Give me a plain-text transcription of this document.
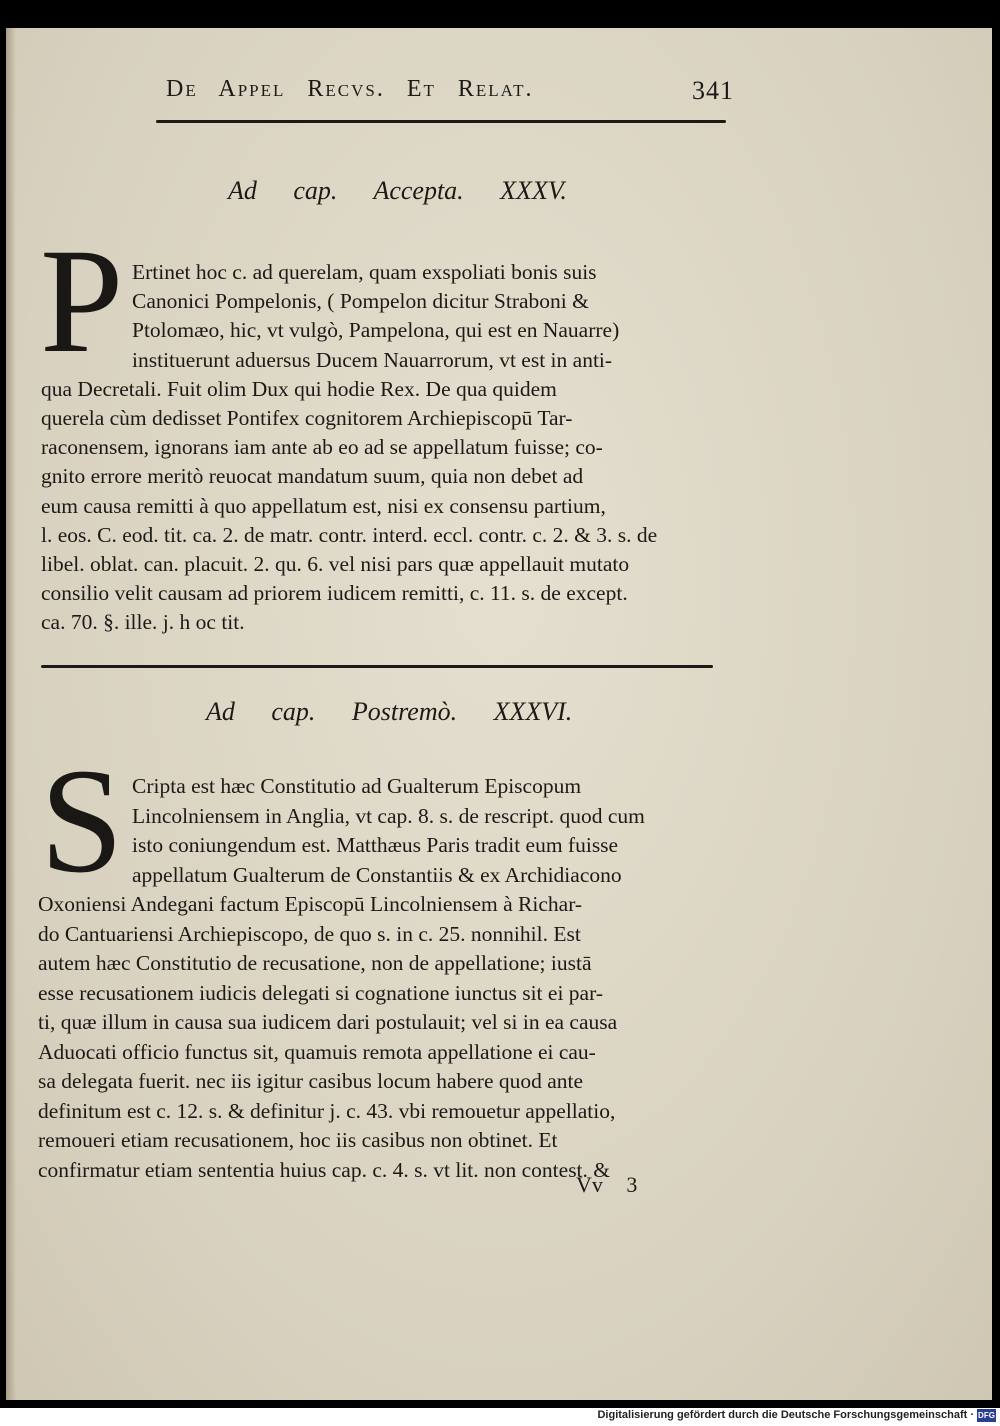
De Appel Recvs. Et Relat.	341
Ad cap. Accepta. XXXV.
P Ertinet hoc c. ad querelam, quam exspoliati bonis suis
Canonici Pompelonis, ( Pompelon dicitur Straboni &
Ptolomæo, hic, vt vulgò, Pampelona, qui est en Nauarre)
instituerunt aduersus Ducem Nauarrorum, vt est in anti-
qua Decretali. Fuit olim Dux qui hodie Rex. De qua quidem
querela cùm dedisset Pontifex cognitorem Archiepiscopū Tar-
raconensem, ignorans iam ante ab eo ad se appellatum fuisse; co-
gnito errore meritò reuocat mandatum suum, quia non debet ad
eum causa remitti à quo appellatum est, nisi ex consensu partium,
l. eos. C. eod. tit. ca. 2. de matr. contr. interd. eccl. contr. c. 2. & 3. s. de
libel. oblat. can. placuit. 2. qu. 6. vel nisi pars quæ appellauit mutato
consilio velit causam ad priorem iudicem remitti, c. 11. s. de except.
ca. 70. §. ille. j. h oc tit.
Ad cap. Postremò. XXXVI.
S Cripta est hæc Constitutio ad Gualterum Episcopum
Lincolniensem in Anglia, vt cap. 8. s. de rescript. quod cum
isto coniungendum est. Matthæus Paris tradit eum fuisse
appellatum Gualterum de Constantiis & ex Archidiacono
Oxoniensi Andegani factum Episcopū Lincolniensem à Richar-
do Cantuariensi Archiepiscopo, de quo s. in c. 25. nonnihil. Est
autem hæc Constitutio de recusatione, non de appellatione; iustā
esse recusationem iudicis delegati si cognatione iunctus sit ei par-
ti, quæ illum in causa sua iudicem dari postulauit; vel si in ea causa
Aduocati officio functus sit, quamuis remota appellatione ei cau-
sa delegata fuerit. nec iis igitur casibus locum habere quod ante
definitum est c. 12. s. & definitur j. c. 43. vbi remouetur appellatio,
remoueri etiam recusationem, hoc iis casibus non obtinet. Et
confirmatur etiam sententia huius cap. c. 4. s. vt lit. non contest. &
Vv 3
Digitalisierung gefördert durch die Deutsche Forschungsgemeinschaft · DFG
